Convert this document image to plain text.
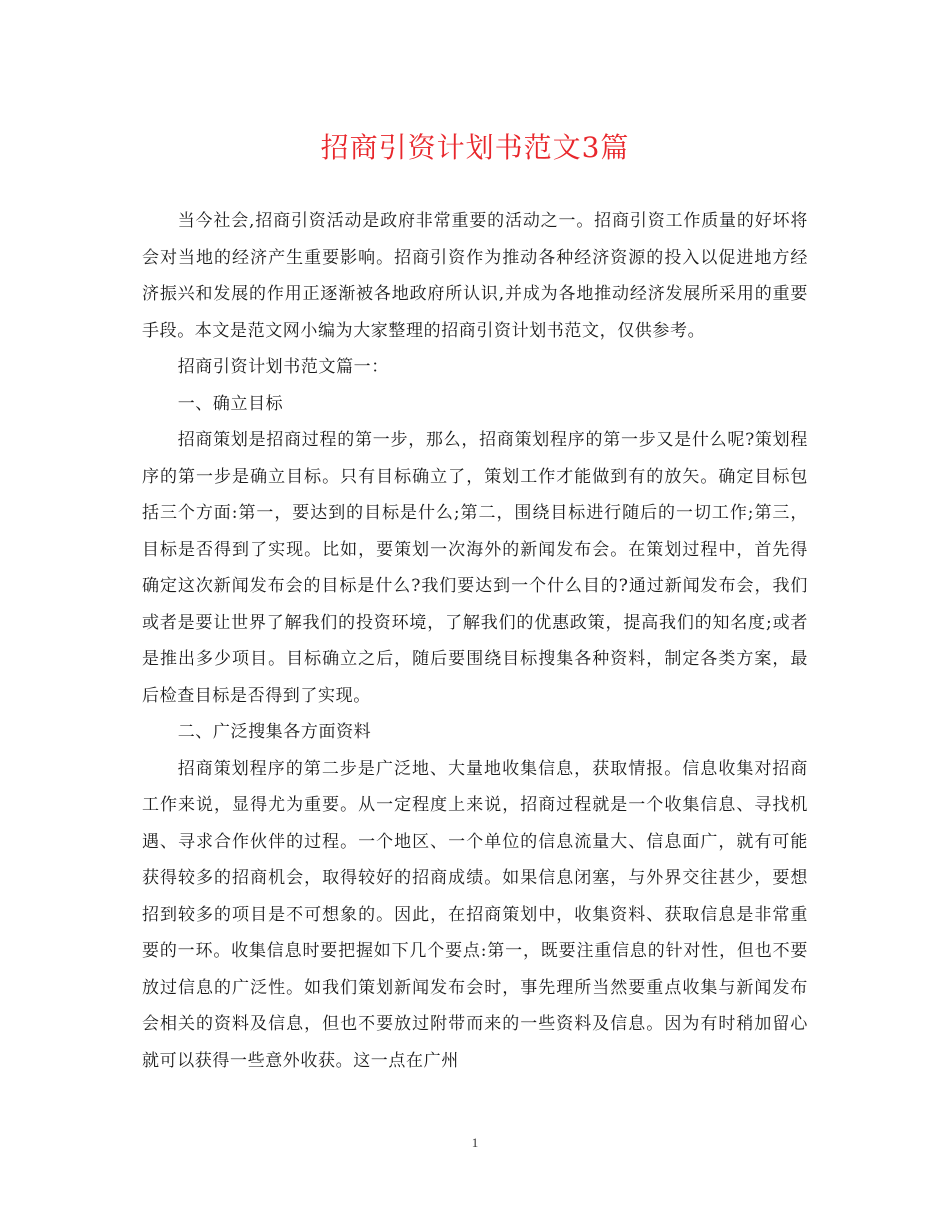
招商引资计划书范文3篇

当今社会,招商引资活动是政府非常重要的活动之一。招商引资工作质量的好坏将会对当地的经济产生重要影响。招商引资作为推动各种经济资源的投入以促进地方经济振兴和发展的作用正逐渐被各地政府所认识,并成为各地推动经济发展所采用的重要手段。本文是范文网小编为大家整理的招商引资计划书范文，仅供参考。

招商引资计划书范文篇一：

一、确立目标

招商策划是招商过程的第一步，那么，招商策划程序的第一步又是什么呢?策划程序的第一步是确立目标。只有目标确立了，策划工作才能做到有的放矢。确定目标包括三个方面:第一，要达到的目标是什么;第二，围绕目标进行随后的一切工作;第三，目标是否得到了实现。比如，要策划一次海外的新闻发布会。在策划过程中，首先得确定这次新闻发布会的目标是什么?我们要达到一个什么目的?通过新闻发布会，我们或者是要让世界了解我们的投资环境，了解我们的优惠政策，提高我们的知名度;或者是推出多少项目。目标确立之后，随后要围绕目标搜集各种资料，制定各类方案，最后检查目标是否得到了实现。

二、广泛搜集各方面资料

招商策划程序的第二步是广泛地、大量地收集信息，获取情报。信息收集对招商工作来说，显得尤为重要。从一定程度上来说，招商过程就是一个收集信息、寻找机遇、寻求合作伙伴的过程。一个地区、一个单位的信息流量大、信息面广，就有可能获得较多的招商机会，取得较好的招商成绩。如果信息闭塞，与外界交往甚少，要想招到较多的项目是不可想象的。因此，在招商策划中，收集资料、获取信息是非常重要的一环。收集信息时要把握如下几个要点:第一，既要注重信息的针对性，但也不要放过信息的广泛性。如我们策划新闻发布会时，事先理所当然要重点收集与新闻发布会相关的资料及信息，但也不要放过附带而来的一些资料及信息。因为有时稍加留心就可以获得一些意外收获。这一点在广州

1
